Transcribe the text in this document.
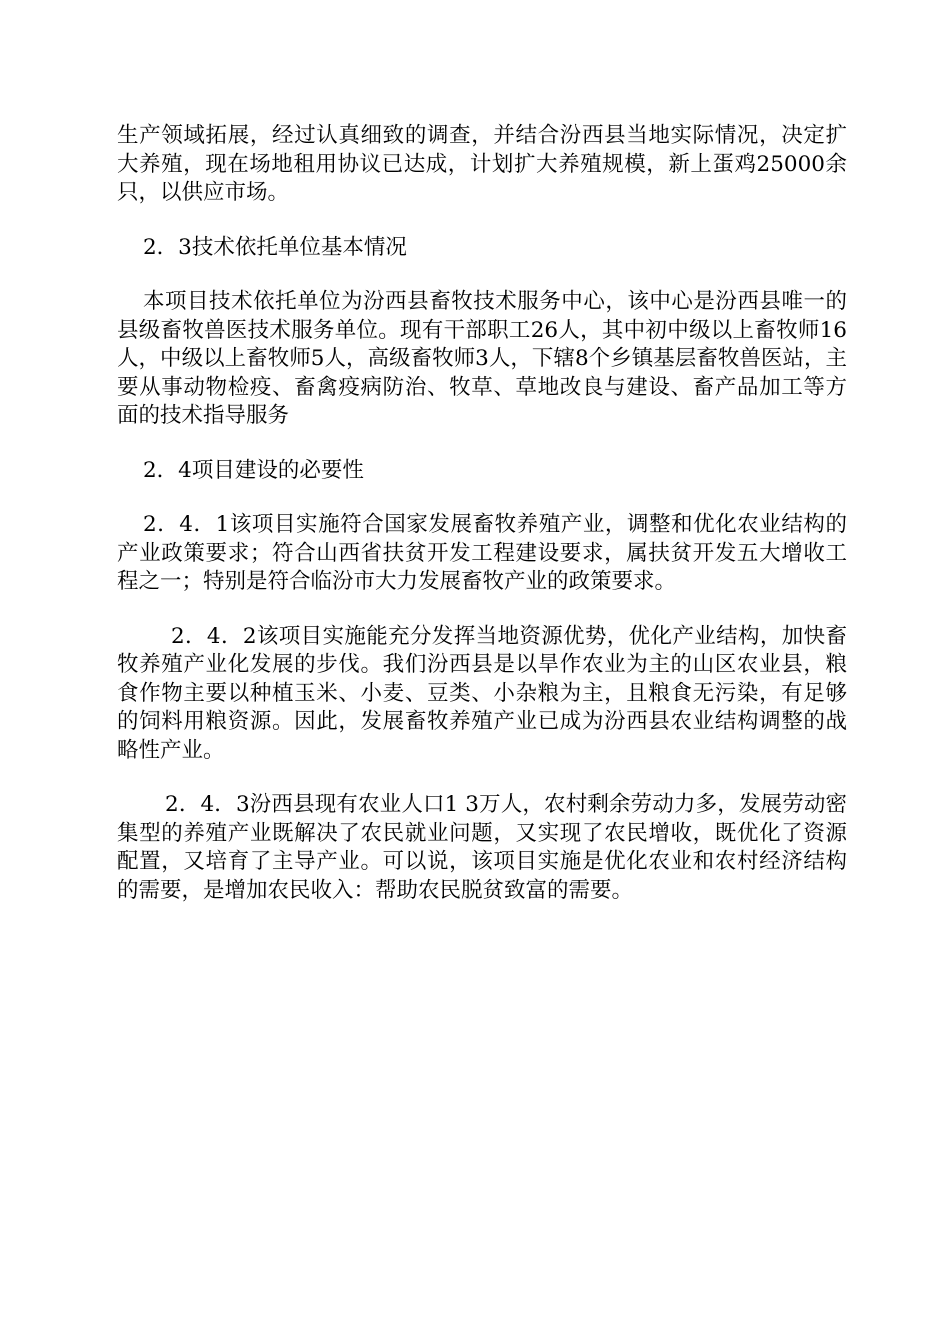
生产领域拓展，经过认真细致的调查，并结合汾西县当地实际情况，决定扩大养殖，现在场地租用协议已达成，计划扩大养殖规模，新上蛋鸡25000余只，以供应市场。

2．3技术依托单位基本情况

本项目技术依托单位为汾西县畜牧技术服务中心，该中心是汾西县唯一的县级畜牧兽医技术服务单位。现有干部职工26人，其中初中级以上畜牧师16人，中级以上畜牧师5人，高级畜牧师3人，下辖8个乡镇基层畜牧兽医站，主要从事动物检疫、畜禽疫病防治、牧草、草地改良与建设、畜产品加工等方面的技术指导服务

2．4项目建设的必要性

2．4．1该项目实施符合国家发展畜牧养殖产业，调整和优化农业结构的产业政策要求；符合山西省扶贫开发工程建设要求，属扶贫开发五大增收工程之一；特别是符合临汾市大力发展畜牧产业的政策要求。

2．4．2该项目实施能充分发挥当地资源优势，优化产业结构，加快畜牧养殖产业化发展的步伐。我们汾西县是以旱作农业为主的山区农业县，粮食作物主要以种植玉米、小麦、豆类、小杂粮为主，且粮食无污染，有足够的饲料用粮资源。因此，发展畜牧养殖产业已成为汾西县农业结构调整的战略性产业。

2．4．3汾西县现有农业人口1 3万人，农村剩余劳动力多，发展劳动密集型的养殖产业既解决了农民就业问题，又实现了农民增收，既优化了资源配置，又培育了主导产业。可以说，该项目实施是优化农业和农村经济结构的需要，是增加农民收入：帮助农民脱贫致富的需要。
